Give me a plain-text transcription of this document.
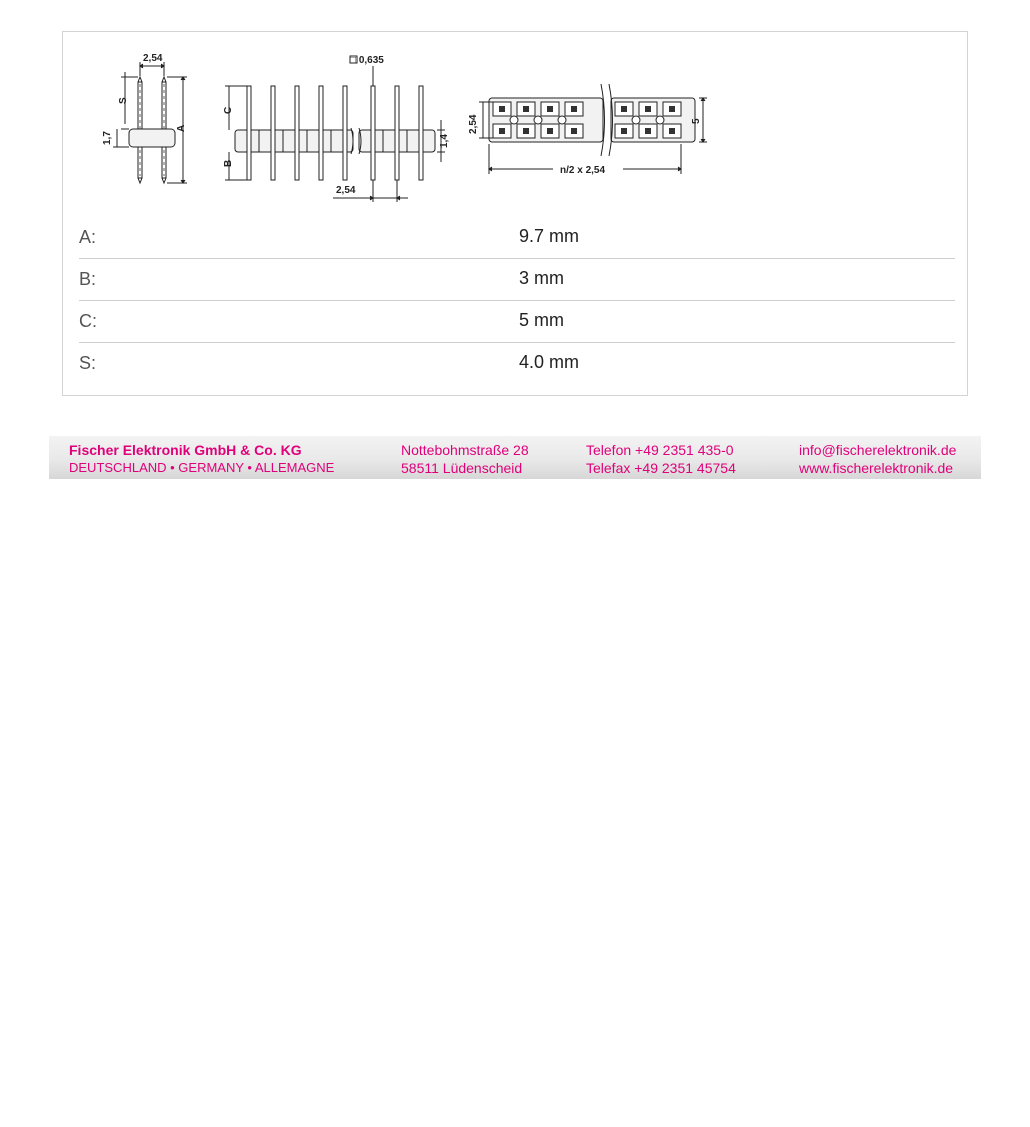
2,54
S
1,7
A
□ 0,635
C
B
1,4
2,54
2,54	5
n/2 x 2,54
A:	9.7 mm
B:	3 mm
C:	5 mm
S:	4.0 mm
Fischer Elektronik GmbH & Co. KG
DEUTSCHLAND • GERMANY • ALLEMAGNE
Nottebohmstraße 28
58511 Lüdenscheid
Telefon +49 2351 435-0
Telefax +49 2351 45754
info@fischerelektronik.de
www.fischerelektronik.de
